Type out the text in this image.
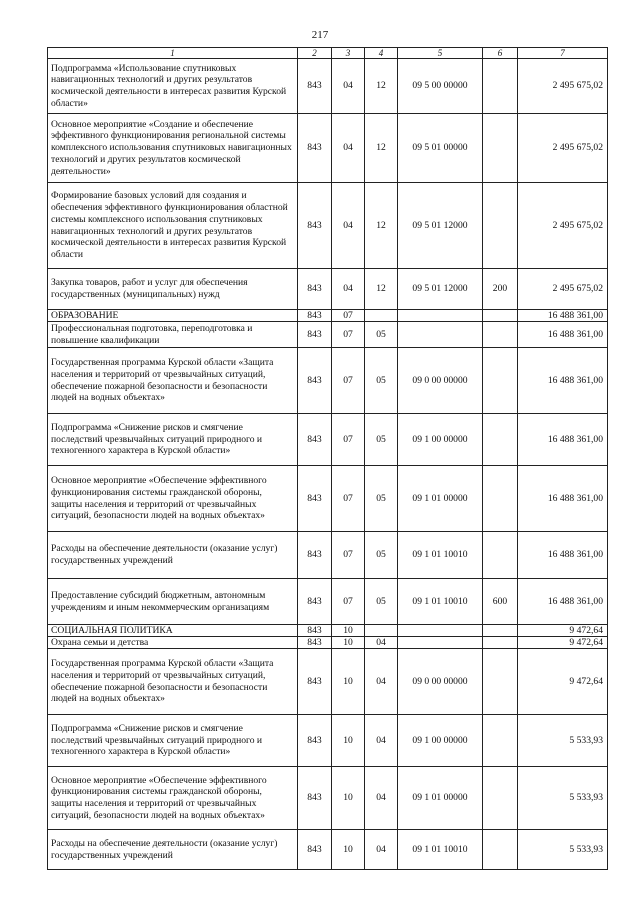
217
1	2	3	4	5	6	7
Подпрограмма «Использование спутниковых навигационных технологий и других результатов космической деятельности в интересах развития Курской области»	843	04	12	09 5 00 00000		2 495 675,02
Основное мероприятие «Создание и обеспечение эффективного функционирования региональной системы комплексного использования спутниковых навигационных технологий и других результатов космической деятельности»	843	04	12	09 5 01 00000		2 495 675,02
Формирование базовых условий для создания и обеспечения эффективного функционирования областной системы комплексного использования спутниковых навигационных технологий и других результатов космической деятельности в интересах развития Курской области	843	04	12	09 5 01 12000		2 495 675,02
Закупка товаров, работ и услуг для обеспечения государственных (муниципальных) нужд	843	04	12	09 5 01 12000	200	2 495 675,02
ОБРАЗОВАНИЕ	843	07				16 488 361,00
Профессиональная подготовка, переподготовка и повышение квалификации	843	07	05			16 488 361,00
Государственная программа Курской области «Защита населения и территорий от чрезвычайных ситуаций, обеспечение пожарной безопасности и безопасности людей на водных объектах»	843	07	05	09 0 00 00000		16 488 361,00
Подпрограмма «Снижение рисков и смягчение последствий чрезвычайных ситуаций природного и техногенного характера в Курской области»	843	07	05	09 1 00 00000		16 488 361,00
Основное мероприятие «Обеспечение эффективного функционирования системы гражданской обороны, защиты населения и территорий от чрезвычайных ситуаций, безопасности людей на водных объектах»	843	07	05	09 1 01 00000		16 488 361,00
Расходы на обеспечение деятельности (оказание услуг) государственных учреждений	843	07	05	09 1 01 10010		16 488 361,00
Предоставление субсидий бюджетным, автономным учреждениям и иным некоммерческим организациям	843	07	05	09 1 01 10010	600	16 488 361,00
СОЦИАЛЬНАЯ ПОЛИТИКА	843	10				9 472,64
Охрана семьи и детства	843	10	04			9 472,64
Государственная программа Курской области «Защита населения и территорий от чрезвычайных ситуаций, обеспечение пожарной безопасности и безопасности людей на водных объектах»	843	10	04	09 0 00 00000		9 472,64
Подпрограмма «Снижение рисков и смягчение последствий чрезвычайных ситуаций природного и техногенного характера в Курской области»	843	10	04	09 1 00 00000		5 533,93
Основное мероприятие «Обеспечение эффективного функционирования системы гражданской обороны, защиты населения и территорий от чрезвычайных ситуаций, безопасности людей на водных объектах»	843	10	04	09 1 01 00000		5 533,93
Расходы на обеспечение деятельности (оказание услуг) государственных учреждений	843	10	04	09 1 01 10010		5 533,93
